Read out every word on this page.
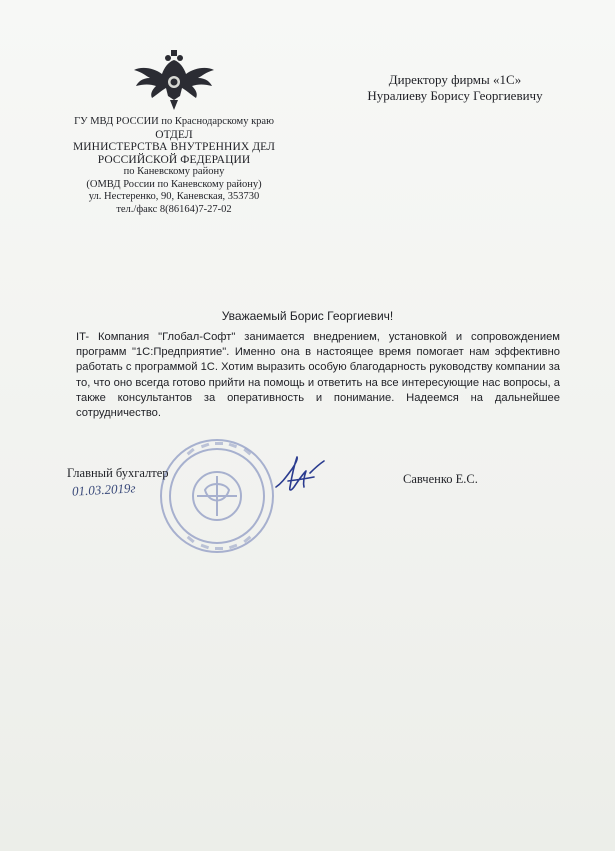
ГУ МВД РОССИИ по Краснодарскому краю
ОТДЕЛ
МИНИСТЕРСТВА ВНУТРЕННИХ ДЕЛ
РОССИЙСКОЙ ФЕДЕРАЦИИ
по Каневскому району
(ОМВД России по Каневскому району)
ул. Нестеренко, 90, Каневская, 353730
тел./факс 8(86164)7-27-02
Директору фирмы «1С»
Нуралиеву Борису Георгиевичу
Уважаемый Борис Георгиевич!
IT- Компания "Глобал-Софт" занимается внедрением, установкой и сопровождением программ "1С:Предприятие". Именно она в настоящее время помогает нам эффективно работать с программой 1С. Хотим выразить особую благодарность руководству компании за то, что оно всегда готово прийти на помощь и ответить на все интересующие нас вопросы, а также консультантов за оперативность и понимание. Надеемся на дальнейшее сотрудничество.
Главный бухгалтер
01.03.2019г
Савченко Е.С.
